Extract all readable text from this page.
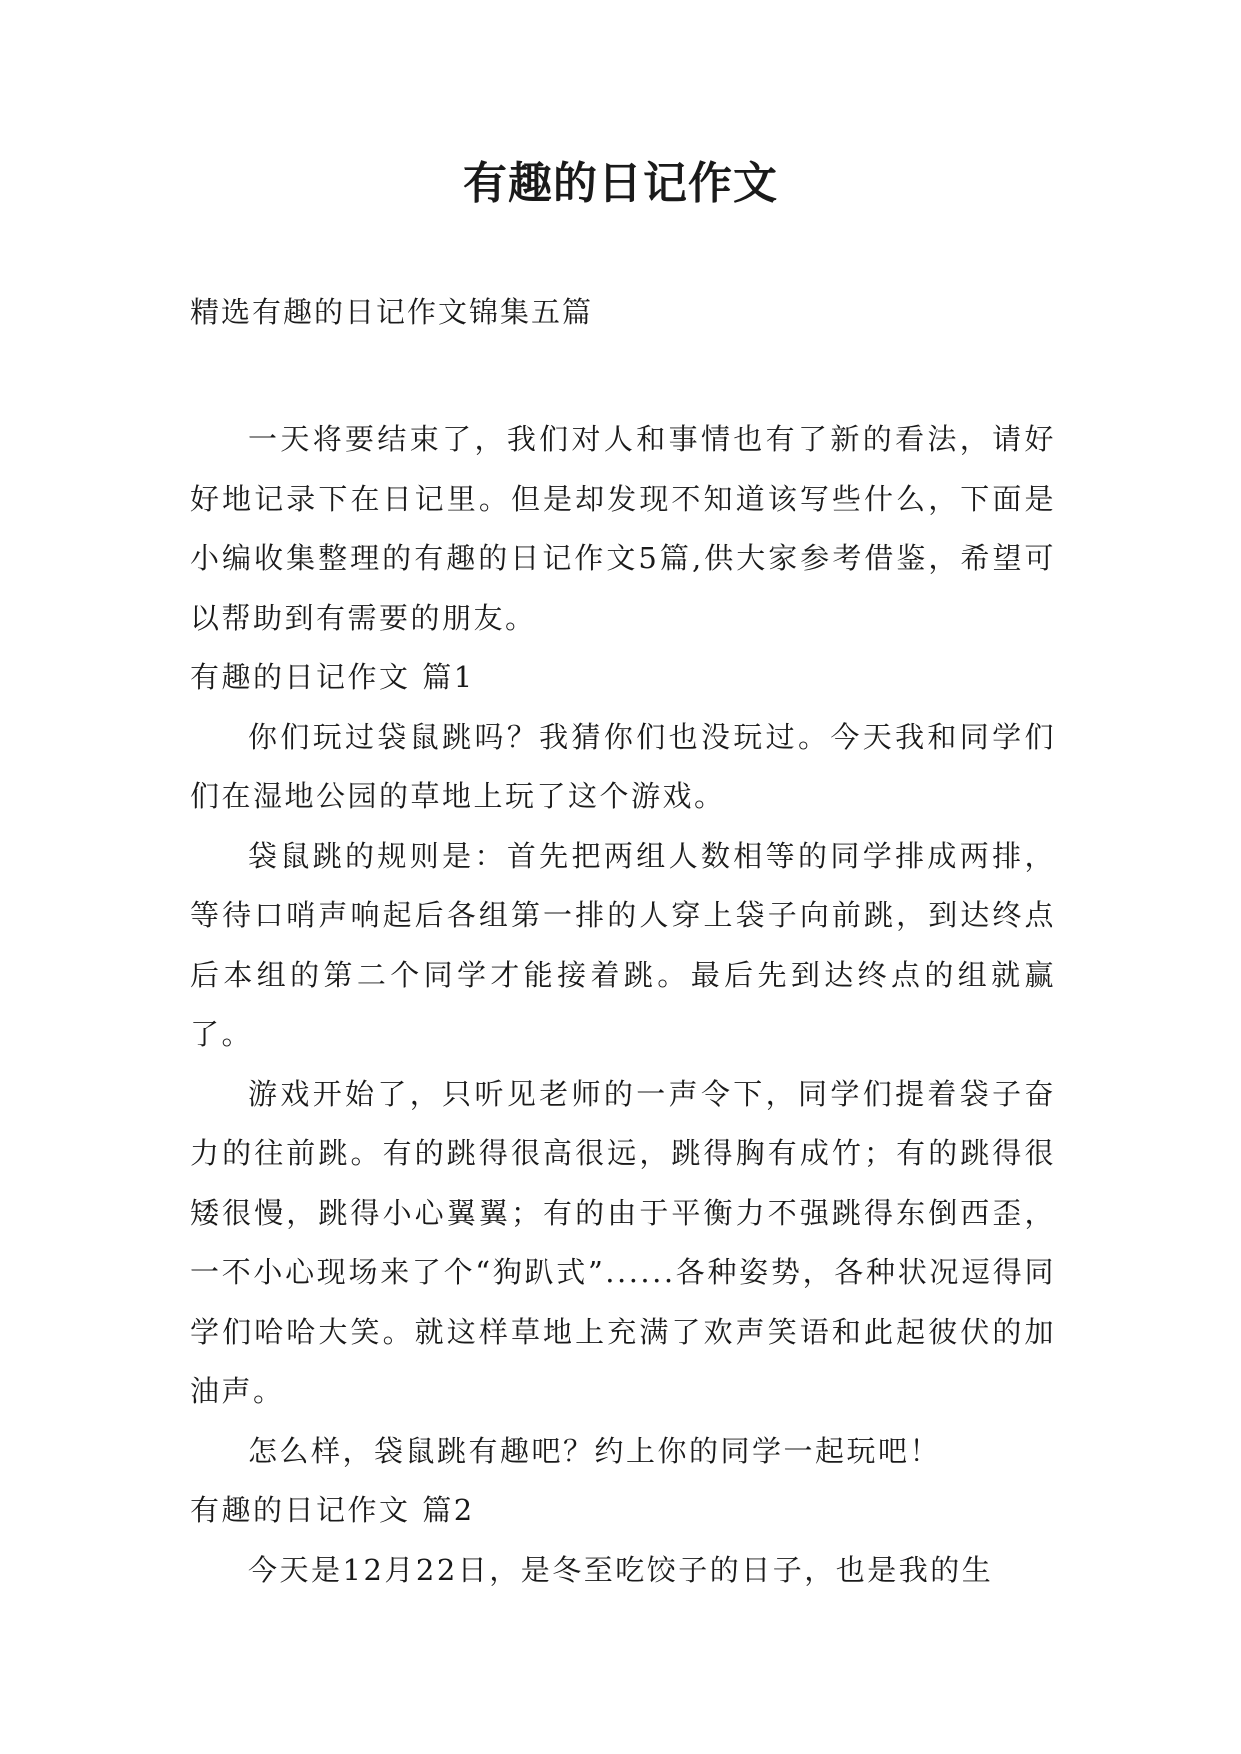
有趣的日记作文
精选有趣的日记作文锦集五篇

一天将要结束了，我们对人和事情也有了新的看法，请好好地记录下在日记里。但是却发现不知道该写些什么，下面是小编收集整理的有趣的日记作文5篇,供大家参考借鉴，希望可以帮助到有需要的朋友。

有趣的日记作文 篇1

你们玩过袋鼠跳吗？我猜你们也没玩过。今天我和同学们们在湿地公园的草地上玩了这个游戏。

袋鼠跳的规则是：首先把两组人数相等的同学排成两排，等待口哨声响起后各组第一排的人穿上袋子向前跳，到达终点后本组的第二个同学才能接着跳。最后先到达终点的组就赢了。

游戏开始了，只听见老师的一声令下，同学们提着袋子奋力的往前跳。有的跳得很高很远，跳得胸有成竹；有的跳得很矮很慢，跳得小心翼翼；有的由于平衡力不强跳得东倒西歪，一不小心现场来了个“狗趴式”......各种姿势，各种状况逗得同学们哈哈大笑。就这样草地上充满了欢声笑语和此起彼伏的加油声。

怎么样，袋鼠跳有趣吧？约上你的同学一起玩吧！

有趣的日记作文 篇2

今天是12月22日，是冬至吃饺子的日子，也是我的生
